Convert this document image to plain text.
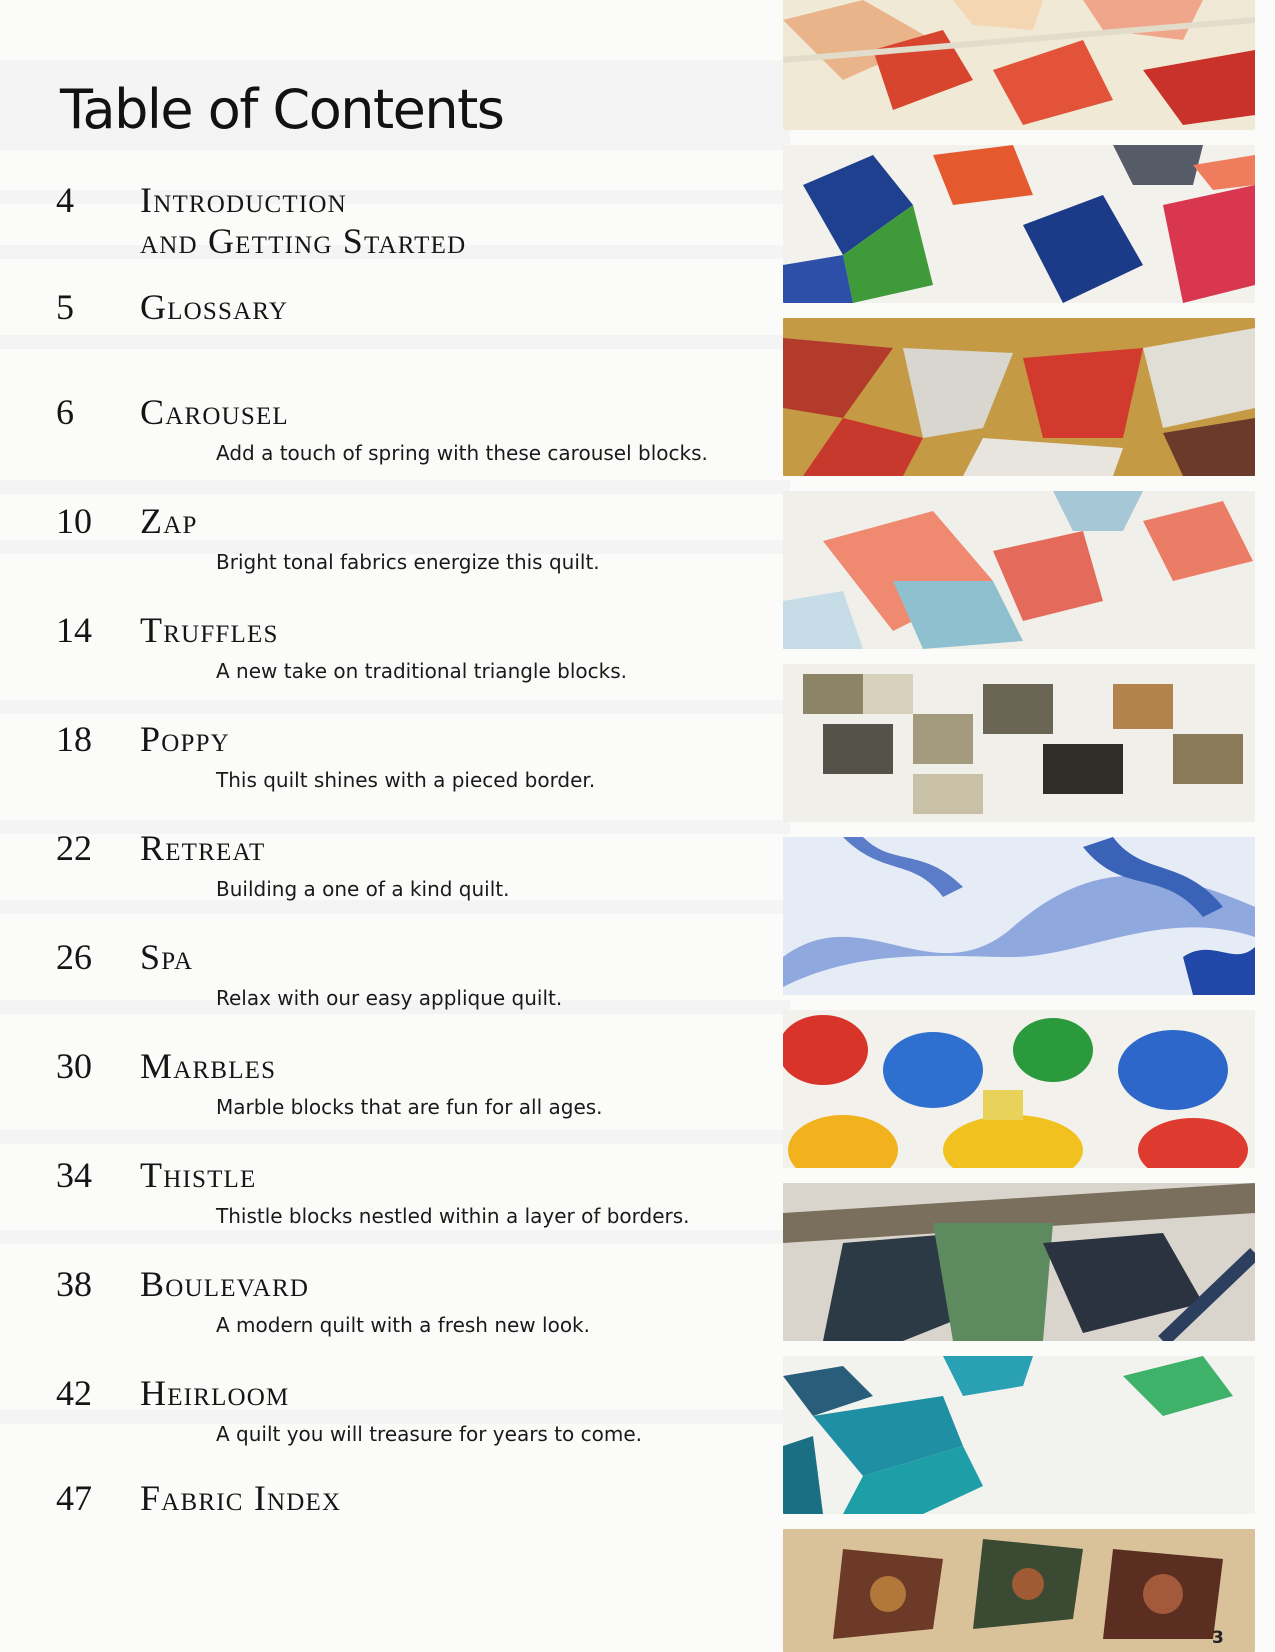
Table of Contents
4 Introduction
and Getting Started
5 Glossary
6 Carousel
Add a touch of spring with these carousel blocks.
10 Zap
Bright tonal fabrics energize this quilt.
14 Truffles
A new take on traditional triangle blocks.
18 Poppy
This quilt shines with a pieced border.
22 Retreat
Building a one of a kind quilt.
26 Spa
Relax with our easy applique quilt.
30 Marbles
Marble blocks that are fun for all ages.
34 Thistle
Thistle blocks nestled within a layer of borders.
38 Boulevard
A modern quilt with a fresh new look.
42 Heirloom
A quilt you will treasure for years to come.
47 Fabric Index
3
